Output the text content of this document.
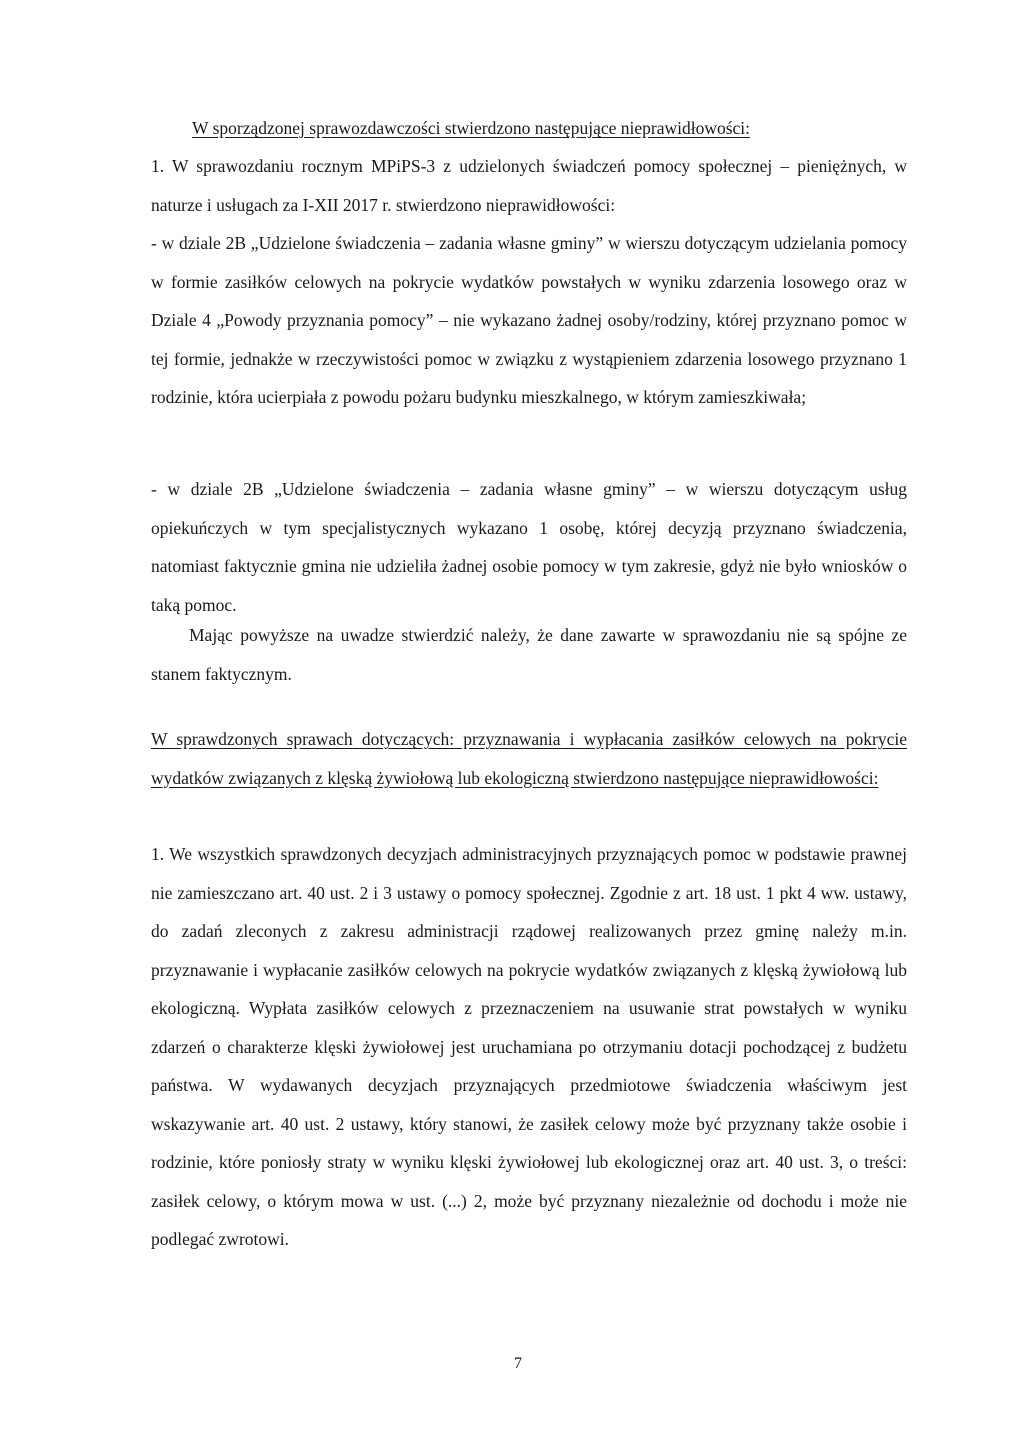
W sporządzonej sprawozdawczości stwierdzono następujące nieprawidłowości:

1. W sprawozdaniu rocznym MPiPS-3 z udzielonych świadczeń pomocy społecznej – pieniężnych, w naturze i usługach za I-XII 2017 r. stwierdzono nieprawidłowości:

- w dziale 2B „Udzielone świadczenia – zadania własne gminy” w wierszu dotyczącym udzielania pomocy w formie zasiłków celowych na pokrycie wydatków powstałych w wyniku zdarzenia losowego oraz w Dziale 4 „Powody przyznania pomocy” – nie wykazano żadnej osoby/rodziny, której przyznano pomoc w tej formie, jednakże w rzeczywistości pomoc w związku z wystąpieniem zdarzenia losowego przyznano 1 rodzinie, która ucierpiała z powodu pożaru budynku mieszkalnego, w którym zamieszkiwała;

- w dziale 2B „Udzielone świadczenia – zadania własne gminy” – w wierszu dotyczącym usług opiekuńczych w tym specjalistycznych wykazano 1 osobę, której decyzją przyznano świadczenia, natomiast faktycznie gmina nie udzieliła żadnej osobie pomocy w tym zakresie, gdyż nie było wniosków o taką pomoc.

Mając powyższe na uwadze stwierdzić należy, że dane zawarte w sprawozdaniu nie są spójne ze stanem faktycznym.

W sprawdzonych sprawach dotyczących: przyznawania i wypłacania zasiłków celowych na pokrycie wydatków związanych z klęską żywiołową lub ekologiczną stwierdzono następujące nieprawidłowości:

1. We wszystkich sprawdzonych decyzjach administracyjnych przyznających pomoc w podstawie prawnej nie zamieszczano art. 40 ust. 2 i 3 ustawy o pomocy społecznej. Zgodnie z art. 18 ust. 1 pkt 4 ww. ustawy, do zadań zleconych z zakresu administracji rządowej realizowanych przez gminę należy m.in. przyznawanie i wypłacanie zasiłków celowych na pokrycie wydatków związanych z klęską żywiołową lub ekologiczną. Wypłata zasiłków celowych z przeznaczeniem na usuwanie strat powstałych w wyniku zdarzeń o charakterze klęski żywiołowej jest uruchamiana po otrzymaniu dotacji pochodzącej z budżetu państwa. W wydawanych decyzjach przyznających przedmiotowe świadczenia właściwym jest wskazywanie art. 40 ust. 2 ustawy, który stanowi, że zasiłek celowy może być przyznany także osobie i rodzinie, które poniosły straty w wyniku klęski żywiołowej lub ekologicznej oraz art. 40 ust. 3, o treści: zasiłek celowy, o którym mowa w ust. (...) 2, może być przyznany niezależnie od dochodu i może nie podlegać zwrotowi.

7
